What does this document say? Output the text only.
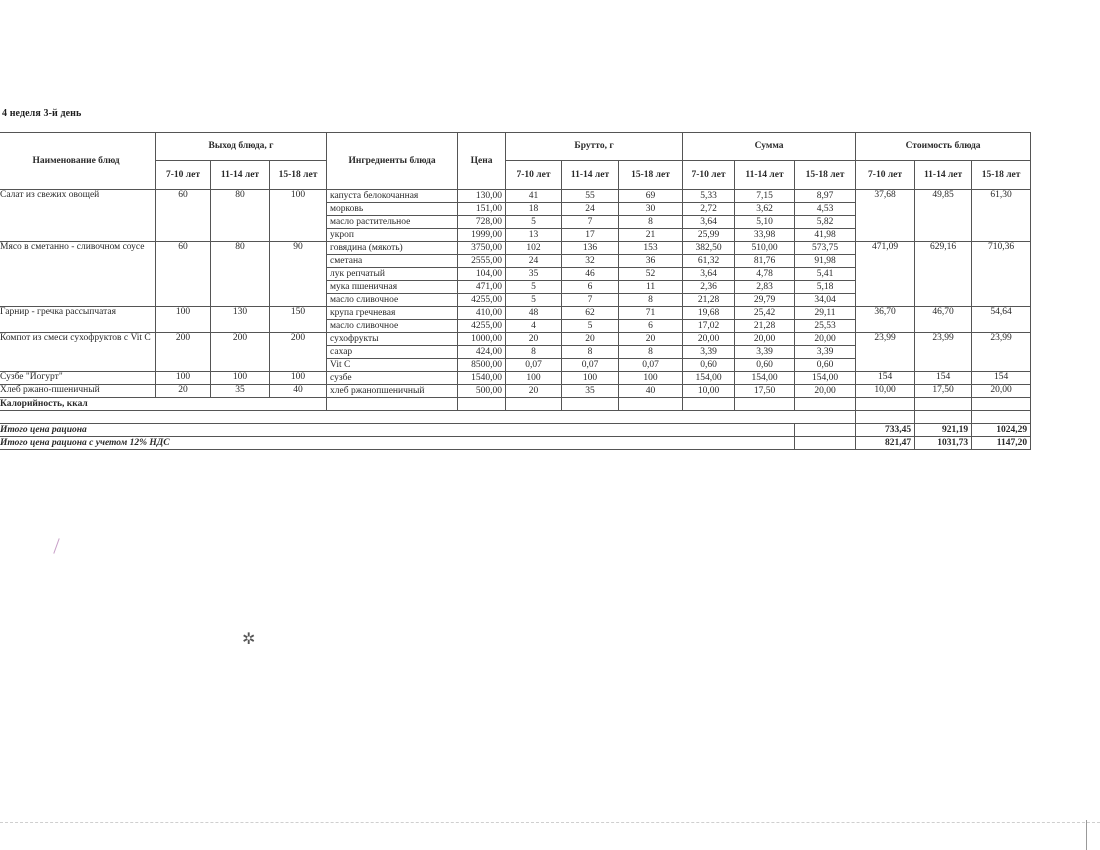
4 неделя 3-й день
Наименование блюд	Выход блюда, г			Ингредиенты блюда	Цена	Брутто, г			Сумма			Стоимость блюда		
	7-10 лет	11-14 лет	15-18 лет			7-10 лет	11-14 лет	15-18 лет	7-10 лет	11-14 лет	15-18 лет	7-10 лет	11-14 лет	15-18 лет
Салат из свежих овощей	60	80	100	капуста белокочанная	130,00	41	55	69	5,33	7,15	8,97	37,68	49,85	61,30
				морковь	151,00	18	24	30	2,72	3,62	4,53			
				масло растительное	728,00	5	7	8	3,64	5,10	5,82			
				укроп	1999,00	13	17	21	25,99	33,98	41,98			
Мясо в сметанно - сливочном соусе	60	80	90	говядина (мякоть)	3750,00	102	136	153	382,50	510,00	573,75	471,09	629,16	710,36
				сметана	2555,00	24	32	36	61,32	81,76	91,98			
				лук репчатый	104,00	35	46	52	3,64	4,78	5,41			
				мука пшеничная	471,00	5	6	11	2,36	2,83	5,18			
				масло сливочное	4255,00	5	7	8	21,28	29,79	34,04			
Гарнир - гречка рассыпчатая	100	130	150	крупа гречневая	410,00	48	62	71	19,68	25,42	29,11	36,70	46,70	54,64
				масло сливочное	4255,00	4	5	6	17,02	21,28	25,53			
Компот из смеси сухофруктов с Vit C	200	200	200	сухофрукты	1000,00	20	20	20	20,00	20,00	20,00	23,99	23,99	23,99
				сахар	424,00	8	8	8	3,39	3,39	3,39			
				Vit C	8500,00	0,07	0,07	0,07	0,60	0,60	0,60			
Сузбе "Йогурт"	100	100	100	сузбе	1540,00	100	100	100	154,00	154,00	154,00	154	154	154
Хлеб ржано-пшеничный	20	35	40	хлеб ржанопшеничный	500,00	20	35	40	10,00	17,50	20,00	10,00	17,50	20,00
Калорийность, ккал														

Итого цена рациона												733,45	921,19	1024,29
Итого цена рациона с учетом 12% НДС												821,47	1031,73	1147,20
✲
